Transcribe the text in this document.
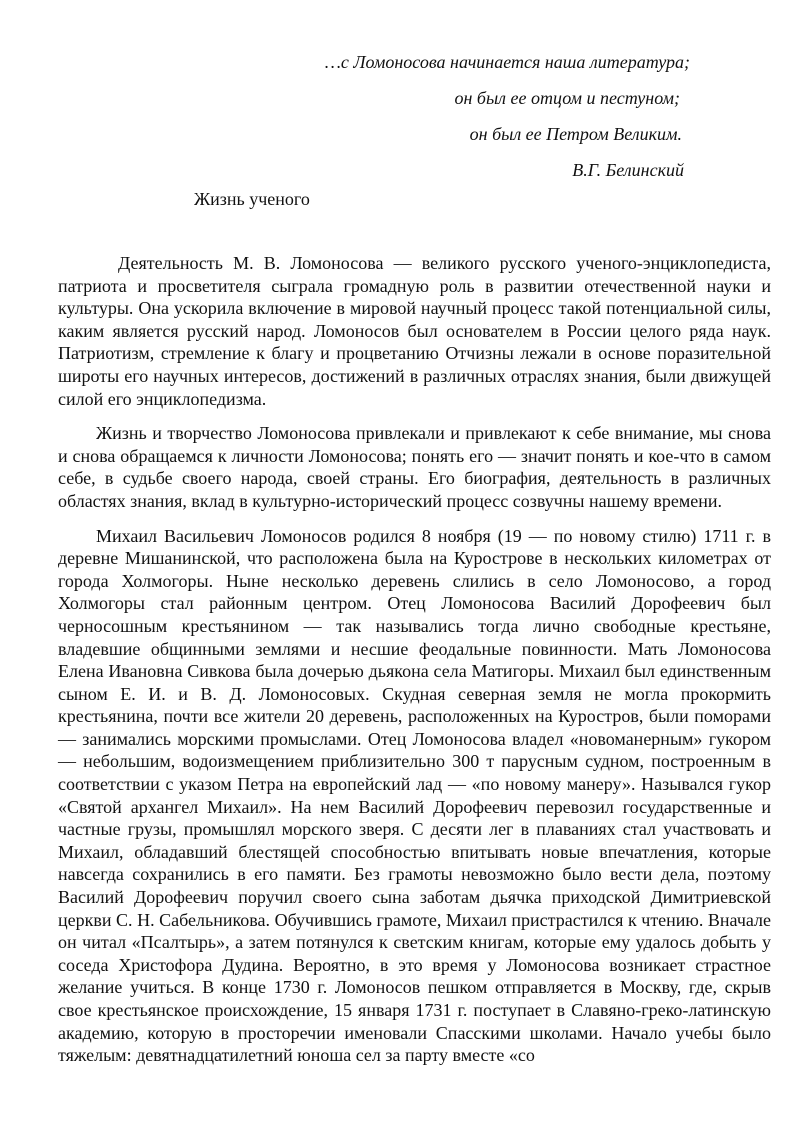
…с Ломоносова начинается наша литература;
он был ее отцом и пестуном;
он был ее Петром Великим.
В.Г. Белинский
Жизнь ученого

Деятельность М. В. Ломоносова — великого русского ученого-энциклопедиста, патриота и просветителя сыграла громадную роль в развитии отечественной науки и культуры. Она ускорила включение в мировой научный процесс такой потенциальной силы, каким является русский народ. Ломоносов был основателем в России целого ряда наук. Патриотизм, стремление к благу и процветанию Отчизны лежали в основе поразительной широты его научных интересов, достижений в различных отраслях знания, были движущей силой его энциклопедизма.

Жизнь и творчество Ломоносова привлекали и привлекают к себе внимание, мы снова и снова обращаемся к личности Ломоносова; понять его — значит понять и кое-что в самом себе, в судьбе своего народа, своей страны. Его биография, деятельность в различных областях знания, вклад в культурно-исторический процесс созвучны нашему времени.

Михаил Васильевич Ломоносов родился 8 ноября (19 — по новому стилю) 1711 г. в деревне Мишанинской, что расположена была на Курострове в нескольких километрах от города Холмогоры. Ныне несколько деревень слились в село Ломоносово, а город Холмогоры стал районным центром. Отец Ломоносова Василий Дорофеевич был черносошным крестьянином — так назывались тогда лично свободные крестьяне, владевшие общинными землями и несшие феодальные повинности. Мать Ломоносова Елена Ивановна Сивкова была дочерью дьякона села Матигоры. Михаил был единственным сыном Е. И. и В. Д. Ломоносовых. Скудная северная земля не могла прокормить крестьянина, почти все жители 20 деревень, расположенных на Куростров, были поморами — занимались морскими промыслами. Отец Ломоносова владел «новоманерным» гукором — небольшим, водоизмещением приблизительно 300 т парусным судном, построенным в соответствии с указом Петра на европейский лад — «по новому манеру». Назывался гукор «Святой архангел Михаил». На нем Василий Дорофеевич перевозил государственные и частные грузы, промышлял морского зверя. С десяти лег в плаваниях стал участвовать и Михаил, обладавший блестящей способностью впитывать новые впечатления, которые навсегда сохранились в его памяти. Без грамоты невозможно было вести дела, поэтому Василий Дорофеевич поручил своего сына заботам дьячка приходской Димитриевской церкви С. Н. Сабельникова. Обучившись грамоте, Михаил пристрастился к чтению. Вначале он читал «Псалтырь», а затем потянулся к светским книгам, которые ему удалось добыть у соседа Христофора Дудина. Вероятно, в это время у Ломоносова возникает страстное желание учиться. В конце 1730 г. Ломоносов пешком отправляется в Москву, где, скрыв свое крестьянское происхождение, 15 января 1731 г. поступает в Славяно-греко-латинскую академию, которую в просторечии именовали Спасскими школами. Начало учебы было тяжелым: девятнадцатилетний юноша сел за парту вместе «со
